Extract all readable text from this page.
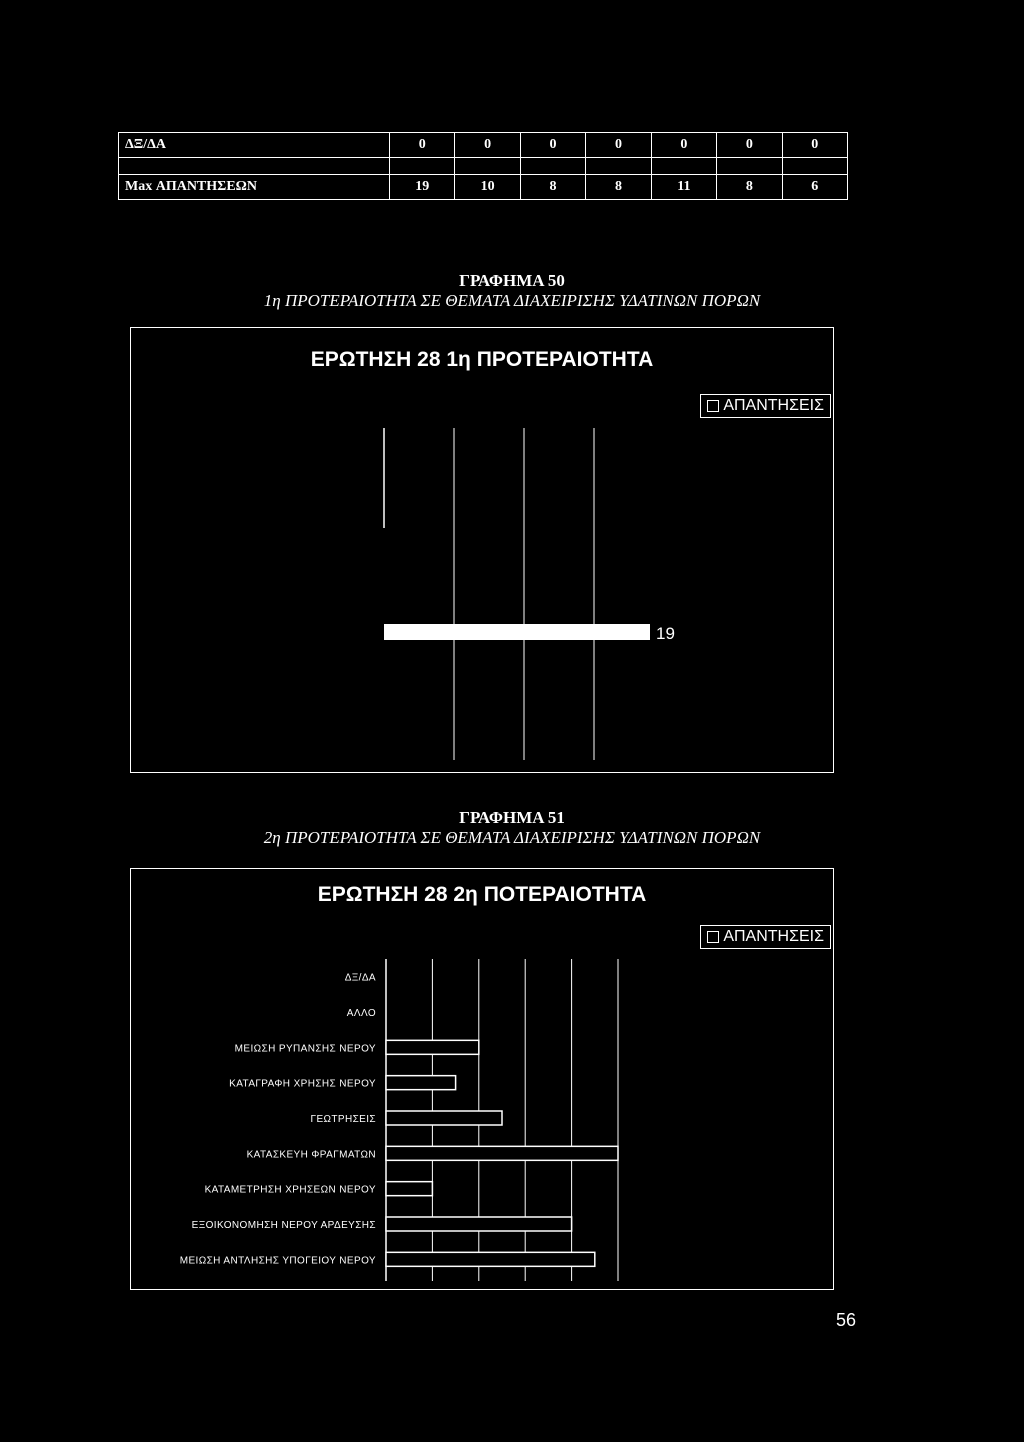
ΔΞ/ΔΑ	0	0	0	0	0	0	0

Max ΑΠΑΝΤΗΣΕΩΝ	19	10	8	8	11	8	6
ΓΡΑΦΗΜΑ 50
1η ΠΡΟΤΕΡΑΙΟΤΗΤΑ ΣΕ ΘΕΜΑΤΑ ΔΙΑΧΕΙΡΙΣΗΣ ΥΔΑΤΙΝΩΝ ΠΟΡΩΝ
ΕΡΩΤΗΣΗ 28 1η ΠΡΟΤΕΡΑΙΟΤΗΤΑ
ΑΠΑΝΤΗΣΕΙΣ
19
ΓΡΑΦΗΜΑ 51
2η ΠΡΟΤΕΡΑΙΟΤΗΤΑ ΣΕ ΘΕΜΑΤΑ ΔΙΑΧΕΙΡΙΣΗΣ ΥΔΑΤΙΝΩΝ ΠΟΡΩΝ
ΕΡΩΤΗΣΗ 28 2η ΠΟΤΕΡΑΙΟΤΗΤΑ
ΑΠΑΝΤΗΣΕΙΣ
ΔΞ/ΔΑ
ΑΛΛΟ
ΜΕΙΩΣΗ ΡΥΠΑΝΣΗΣ ΝΕΡΟΥ
ΚΑΤΑΓΡΑΦΗ ΧΡΗΣΗΣ ΝΕΡΟΥ
ΓΕΩΤΡΗΣΕΙΣ
ΚΑΤΑΣΚΕΥΗ ΦΡΑΓΜΑΤΩΝ
ΚΑΤΑΜΕΤΡΗΣΗ ΧΡΗΣΕΩΝ ΝΕΡΟΥ
ΕΞΟΙΚΟΝΟΜΗΣΗ ΝΕΡΟΥ ΑΡΔΕΥΣΗΣ
ΜΕΙΩΣΗ ΑΝΤΛΗΣΗΣ ΥΠΟΓΕΙΟΥ ΝΕΡΟΥ
56
